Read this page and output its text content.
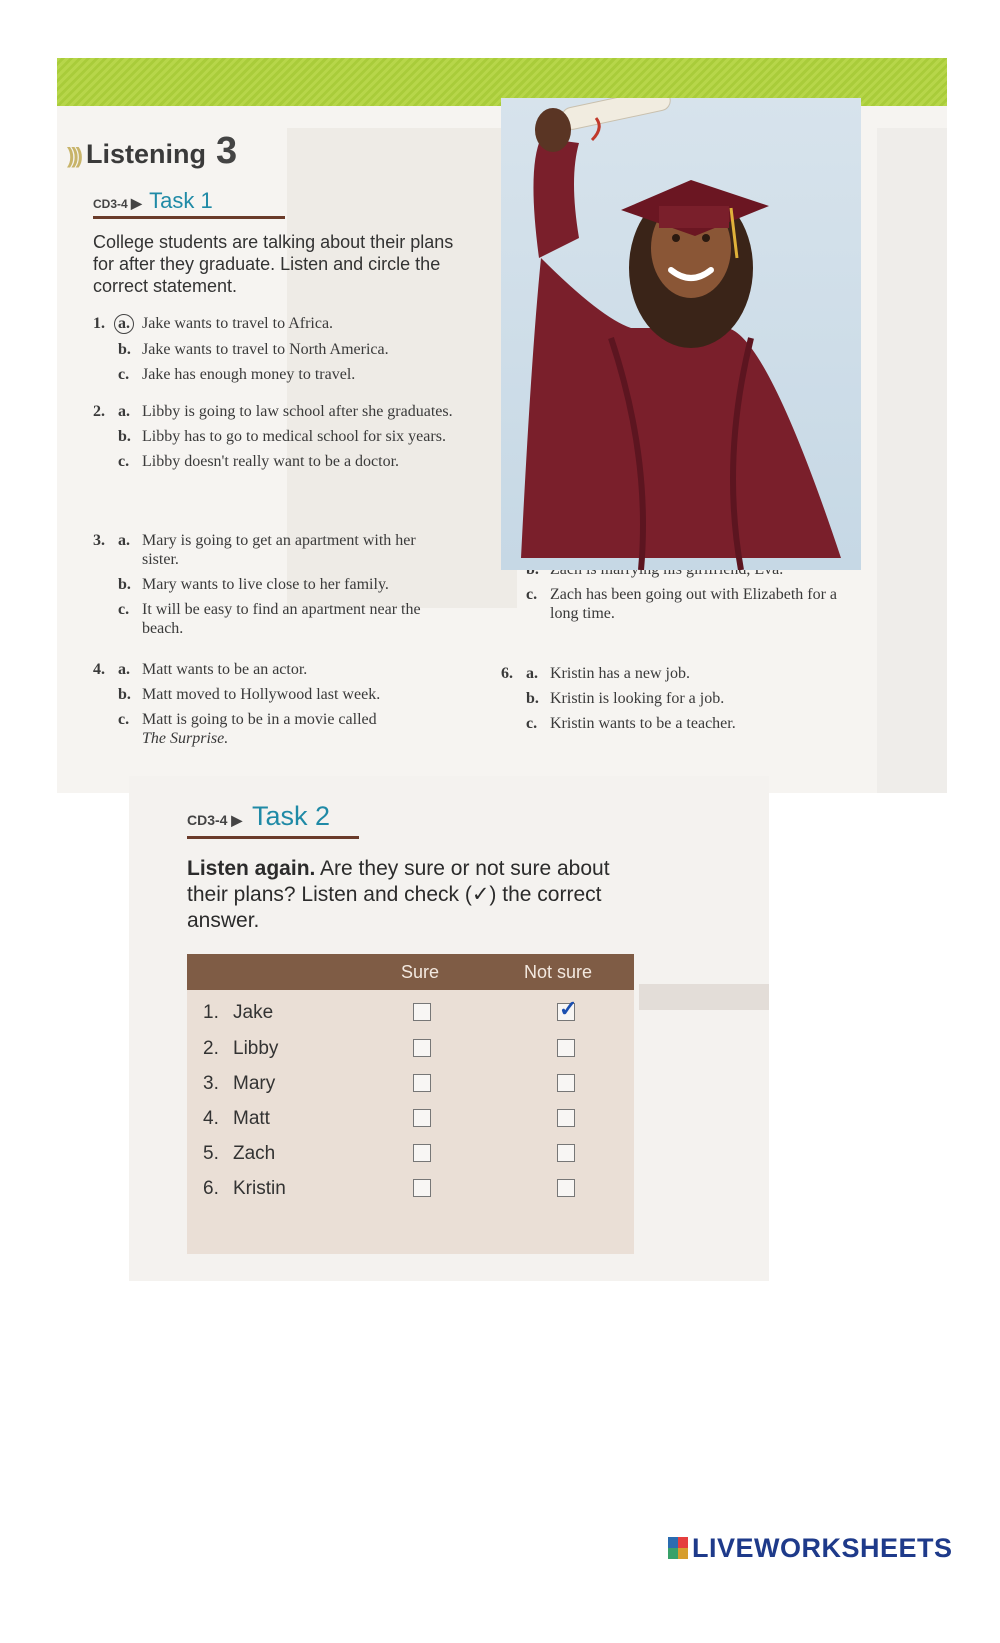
))) Listening 3
CD3-4 ▶ Task 1
College students are talking about their plans for after they graduate. Listen and circle the correct statement.
1. a. Jake wants to travel to Africa.
b. Jake wants to travel to North America.
c. Jake has enough money to travel.
2. a. Libby is going to law school after she graduates.
b. Libby has to go to medical school for six years.
c. Libby doesn't really want to be a doctor.
3. a. Mary is going to get an apartment with her sister.
b. Mary wants to live close to her family.
c. It will be easy to find an apartment near the beach.
4. a. Matt wants to be an actor.
b. Matt moved to Hollywood last week.
c. Matt is going to be in a movie called
The Surprise.
c. Zach has been going out with Elizabeth for a long time.
6. a. Kristin has a new job.
b. Kristin is looking for a job.
c. Kristin wants to be a teacher.
CD3-4 ▶ Task 2
Listen again. Are they sure or not sure about their plans? Listen and check (✓) the correct answer.
Sure	Not sure
1. Jake	✓
2. Libby
3. Mary
4. Matt
5. Zach
6. Kristin
LIVEWORKSHEETS
